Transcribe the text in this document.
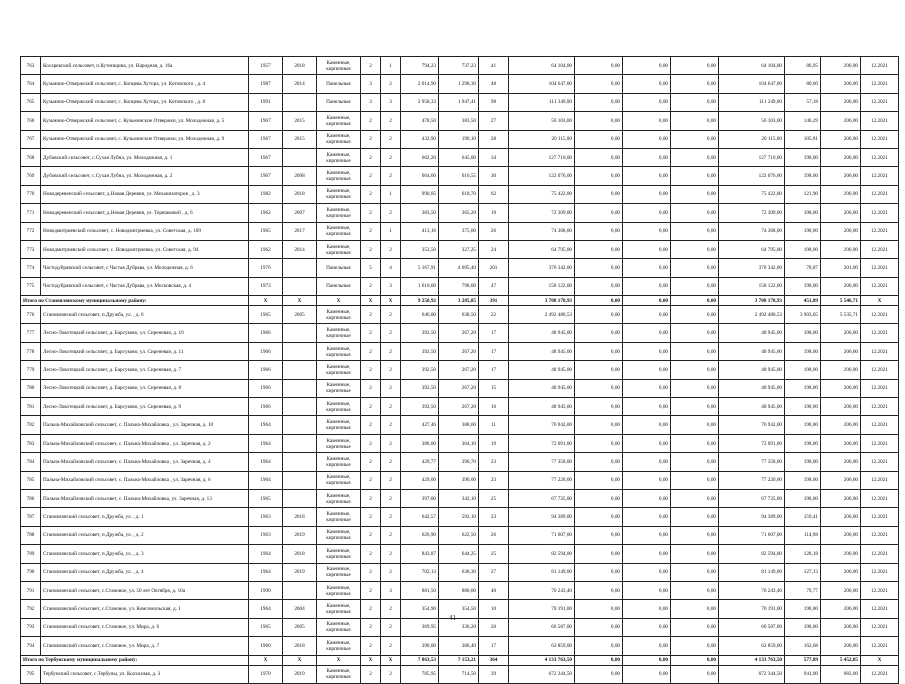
763	Косаревский сельсовет, п.Кутинщина, ул. Народная, д. 16а	1957	2018	Каменные, кирпичные	2	1	794,23	737,23	41	64 104,00	0,00	0,00	0,00	64 104,00	86,95	206,00	12.2021
764	Кузьмино-Отвержский сельсовет, с. Копцева Хутора, ул. Котовского , д. 4	1987	2014	Панельные	3	2	2 014,90	1 298,30	48	104 647,00	0,00	0,00	0,00	104 647,00	80,60	206,00	12.2021
765	Кузьмино-Отвержский сельсовет, с. Копцева Хутора, ул. Котовского , д. 8	1991		Панельные	3	3	2 958,33	1 947,41	98	111 349,00	0,00	0,00	0,00	111 349,00	57,18	206,00	12.2021
766	Кузьмино-Отвержский сельсовет, с. Кузьминские Отвержки, ул. Молодежная, д. 5	1967	2015	Каменные, кирпичные	2	2	478,50	383,50	27	56 103,00	0,00	0,00	0,00	56 103,00	146,29	206,00	12.2021
767	Кузьмино-Отвержский сельсовет, с. Кузьминские Отвержки, ул. Молодежная, д. 9	1967	2015	Каменные, кирпичные	2	2	432,90	190,10	28	20 115,00	0,00	0,00	0,00	20 115,00	105,81	206,00	12.2021
768	Дубовский сельсовет, с.Сухая Лубна, ул. Молодежная, д. 1	1967		Каменные, кирпичные	2	2	662,20	645,00	34	127 710,00	0,00	0,00	0,00	127 710,00	198,00	206,00	12.2021
769	Дубовский сельсовет, с.Сухая Лубна, ул. Молодежная, д. 2	1967	2008	Каменные, кирпичные	2	2	664,60	616,55	30	122 076,00	0,00	0,00	0,00	122 076,00	198,00	206,00	12.2021
770	Новодеревенский сельсовет, д.Новая Деревня, ул. Механизаторов , д. 3	1982	2018	Каменные, кирпичные	2	1	990,05	618,70	62	75 422,00	0,00	0,00	0,00	75 422,00	121,90	206,00	12.2021
771	Новодеревенский сельсовет, д.Новая Деревня, ул. Терешковой , д. 6	1962	2007	Каменные, кирпичные	2	2	383,50	365,20	19	72 309,00	0,00	0,00	0,00	72 309,00	198,00	206,00	12.2021
772	Новодмитриевский сельсовет, с. Новодмитриевка, ул. Советская, д. 109	1965	2017	Каменные, кирпичные	2	1	413,16	375,60	26	74 368,00	0,00	0,00	0,00	74 368,00	198,00	206,00	12.2021
773	Новодмитриевский сельсовет, с. Новодмитриевка, ул. Советская, д. 94	1962	2014	Каменные, кирпичные	2	2	353,50	327,25	24	64 795,00	0,00	0,00	0,00	64 795,00	198,00	206,00	12.2021
774	Частодубравский сельсовет, с.Частая Дубрава, ул. Молодежная, д. 6	1976		Панельные	5	4	5 167,91	4 695,40	201	370 342,00	0,00	0,00	0,00	370 342,00	78,87	201,00	12.2021
775	Частодубравский сельсовет, с.Частая Дубрава, ул. Московская, д. 4	1973		Панельные	2	3	1 610,60	798,60	47	158 122,00	0,00	0,00	0,00	158 122,00	198,00	206,00	12.2021
Итого по Становлянскому муниципальному району:		X	X	X	X	X	9 250,92	3 285,85	391	3 708 170,93	0,00	0,00	0,00	3 708 170,93	451,89	5 546,71	X
776	Становлянский сельсовет, п.Дружба, ул. , д. 6	1965	2005	Каменные, кирпичные	2	2	646,00	638,50	22	2 492 480,53	0,00	0,00	0,00	2 492 480,53	3 903,65	5 535,71	12.2021
777	Лесно-Локотецкий сельсовет, д. Барсуково, ул. Сиреневая, д. 10	1966		Каменные, кирпичные	2	2	392,50	267,20	17	48 945,00	0,00	0,00	0,00	48 945,00	198,00	206,00	12.2021
778	Лесно-Локотецкий сельсовет, д. Барсуково, ул. Сиреневая, д. 11	1966		Каменные, кирпичные	2	2	392,50	267,20	17	48 945,00	0,00	0,00	0,00	48 945,00	198,00	206,00	12.2021
779	Лесно-Локотецкий сельсовет, д. Барсуково, ул. Сиреневая, д. 7	1966		Каменные, кирпичные	2	2	392,50	267,20	17	48 945,00	0,00	0,00	0,00	48 945,00	198,00	206,00	12.2021
780	Лесно-Локотецкий сельсовет, д. Барсуково, ул. Сиреневая, д. 8	1966		Каменные, кирпичные	2	2	392,50	267,20	15	48 945,00	0,00	0,00	0,00	48 945,00	198,00	206,00	12.2021
781	Лесно-Локотецкий сельсовет, д. Барсуково, ул. Сиреневая, д. 9	1966		Каменные, кирпичные	2	2	392,50	267,20	16	48 945,00	0,00	0,00	0,00	48 945,00	198,00	206,00	12.2021
782	Пальна-Михайловский сельсовет, с. Пальна-Михайловка , ул. Заречная, д. 10	1964		Каменные, кирпичные	2	2	427,46	388,60	11	76 942,00	0,00	0,00	0,00	76 942,00	198,00	206,00	12.2021
783	Пальна-Михайловский сельсовет, с. Пальна-Михайловка , ул. Заречная, д. 2	1964		Каменные, кирпичные	2	2	380,00	364,10	19	72 091,00	0,00	0,00	0,00	72 091,00	198,00	206,00	12.2021
784	Пальна-Михайловский сельсовет, с. Пальна-Михайловка , ул. Заречная, д. 4	1964		Каменные, кирпичные	2	2	429,77	390,70	23	77 358,00	0,00	0,00	0,00	77 358,00	198,00	206,00	12.2021
785	Пальна-Михайловский сельсовет, с. Пальна-Михайловка , ул. Заречная, д. 6	1964		Каменные, кирпичные	2	2	429,00	390,00	23	77 220,00	0,00	0,00	0,00	77 220,00	198,00	206,00	12.2021
786	Пальна-Михайловский сельсовет, с. Пальна-Михайловка, ул. Заречная, д. 13	1965		Каменные, кирпичные	2	2	397,00	342,10	25	67 735,00	0,00	0,00	0,00	67 735,00	198,00	206,00	12.2021
787	Становлянский сельсовет, п.Дружба, ул. , д. 1	1963	2018	Каменные, кирпичные	2	2	642,57	592,10	23	94 389,00	0,00	0,00	0,00	94 389,00	159,41	206,00	12.2021
788	Становлянский сельсовет, п.Дружба, ул. , д. 2	1963	2019	Каменные, кирпичные	2	2	626,90	622,50	26	71 607,00	0,00	0,00	0,00	71 607,00	114,98	206,00	12.2021
789	Становлянский сельсовет, п.Дружба, ул. , д. 3	1964	2018	Каменные, кирпичные	2	2	843,87	644,25	25	82 594,00	0,00	0,00	0,00	82 594,00	128,18	206,00	12.2021
790	Становлянский сельсовет, п.Дружба, ул. , д. 4	1964	2019	Каменные, кирпичные	2	2	702,13	638,30	27	81 149,00	0,00	0,00	0,00	81 149,00	127,13	206,00	12.2021
791	Становлянский сельсовет, с.Становое, ул. 50 лет Октября, д. 10а	1990		Каменные, кирпичные	2	3	881,50	880,60	40	70 243,40	0,00	0,00	0,00	70 243,40	79,77	206,00	12.2021
792	Становлянский сельсовет, с.Становое, ул. Комсомольская, д. 1	1964	2004	Каменные, кирпичные	2	2	354,90	354,50	10	70 191,00	0,00	0,00	0,00	70 191,00	198,00	206,00	12.2021
793	Становлянский сельсовет, с.Становое, ул. Мира, д. 6	1965	2005	Каменные, кирпичные	2	2	369,95	336,20	20	66 587,00	0,00	0,00	0,00	66 587,00	198,00	206,00	12.2021
794	Становлянский сельсовет, с.Становое, ул. Мира, д. 7	1960	2018	Каменные, кирпичные	2	2	390,00	386,40	17	62 859,00	0,00	0,00	0,00	62 859,00	162,68	206,00	12.2021
Итого по Тербунскому муниципальному району:		X	X	X	X	X	7 863,53	7 153,21	364	4 133 763,50	0,00	0,00	0,00	4 133 763,50	577,89	5 452,85	X
795	Тербунский сельсовет, с.Тербуны, ул. Колхозная, д. 3	1970	2019	Каменные, кирпичные	2	2	785,95	714,50	39	672 344,50	0,00	0,00	0,00	672 344,50	941,00	983,00	12.2021
41
